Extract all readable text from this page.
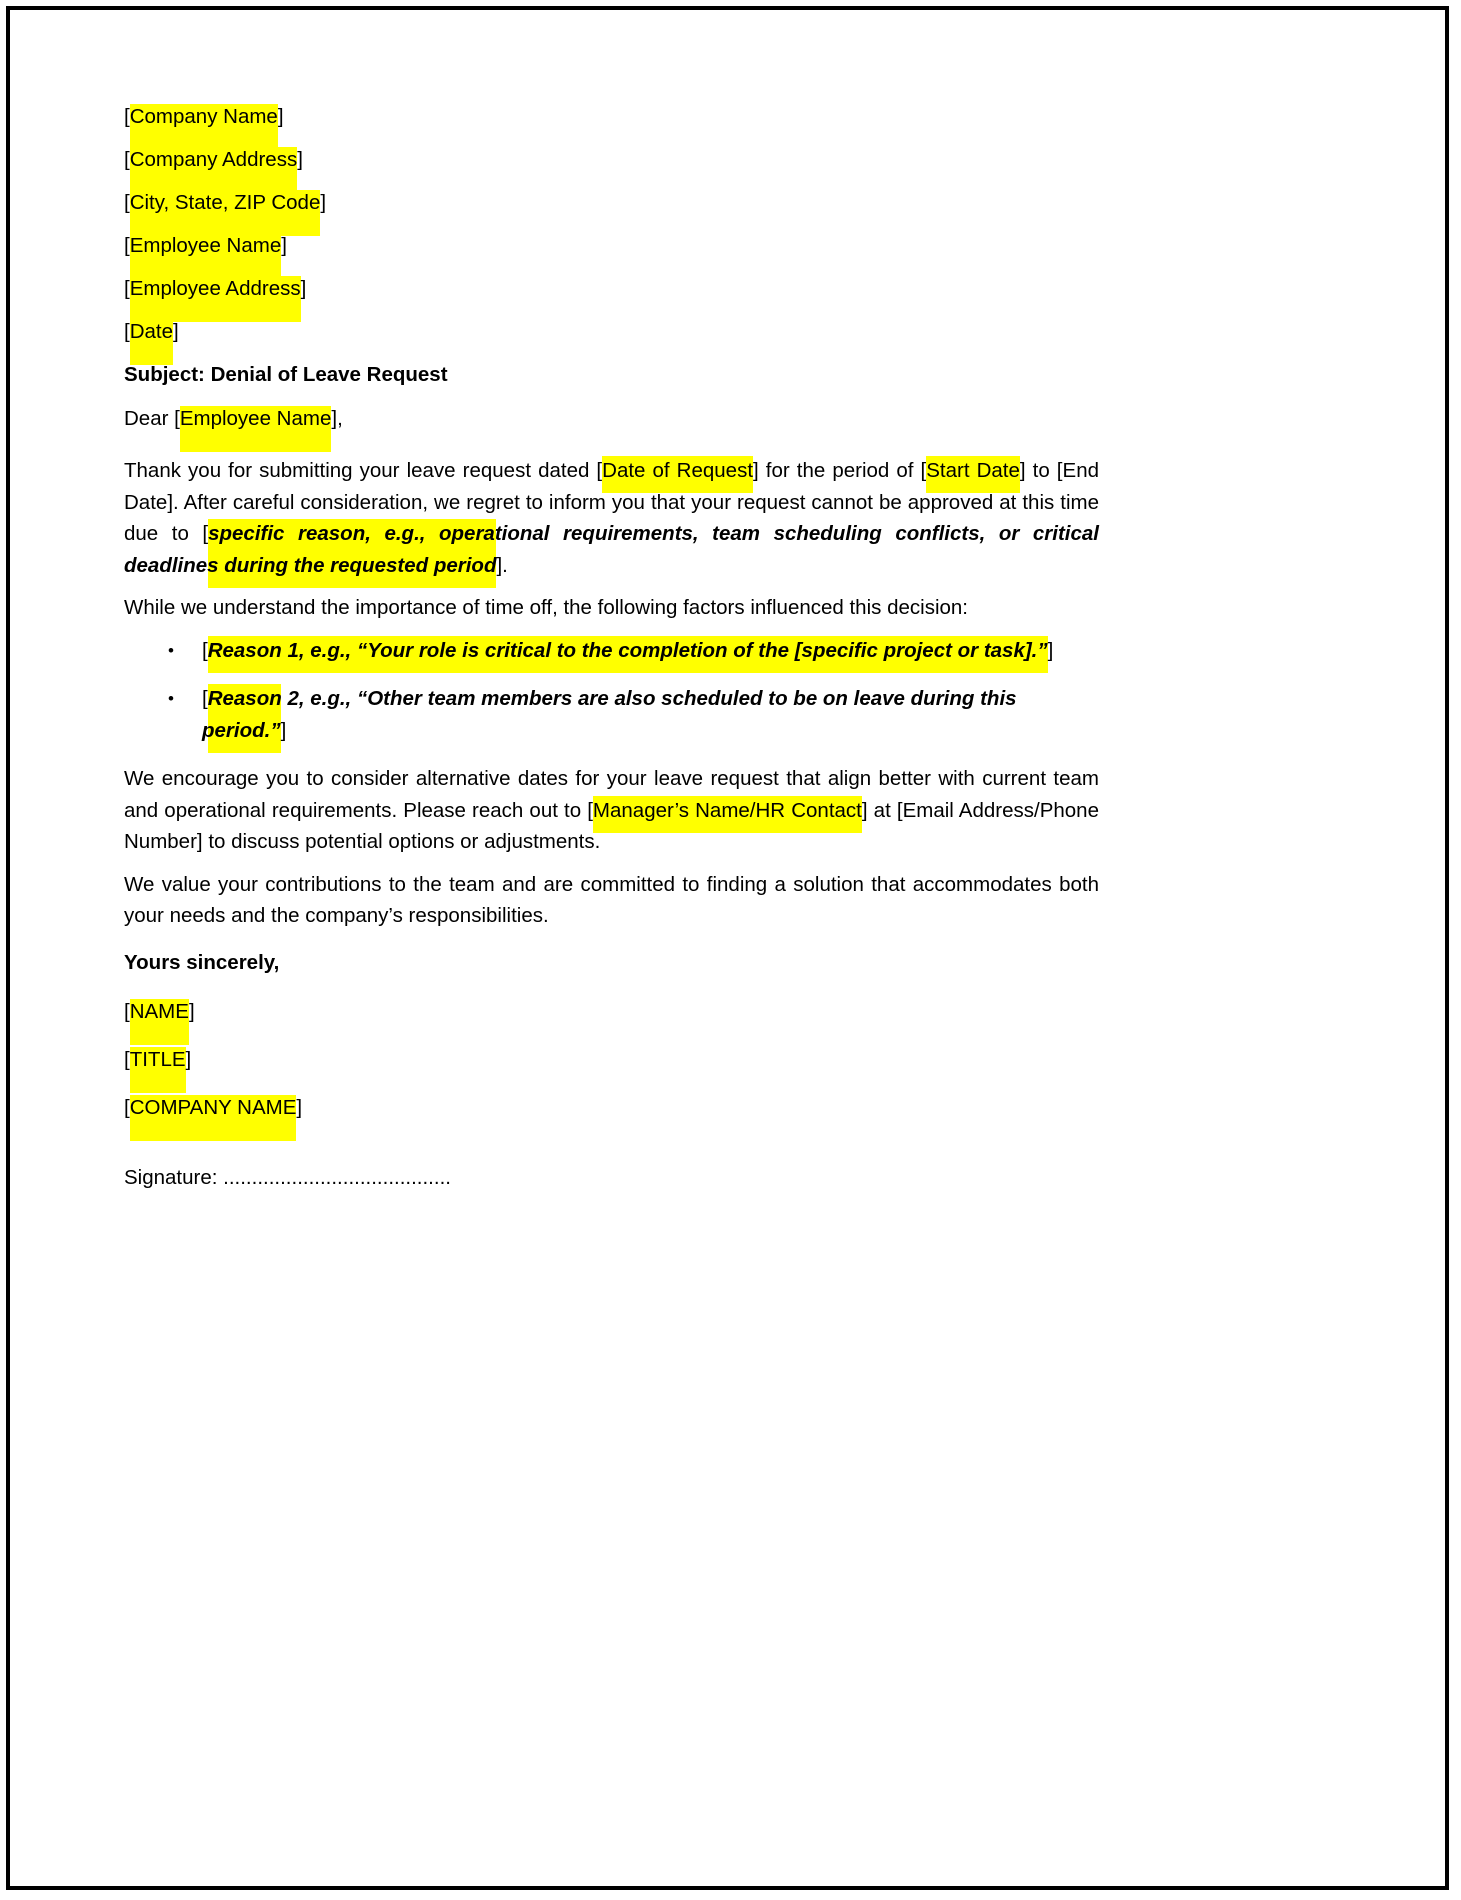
[Company Name]

[Company Address]

[City, State, ZIP Code]

[Employee Name]

[Employee Address]

[Date]

Subject: Denial of Leave Request

Dear [Employee Name],

Thank you for submitting your leave request dated [Date of Request] for the period of [Start Date] to [End Date]. After careful consideration, we regret to inform you that your request cannot be approved at this time due to [specific reason, e.g., operational requirements, team scheduling conflicts, or critical deadlines during the requested period].

While we understand the importance of time off, the following factors influenced this decision:

• [Reason 1, e.g., “Your role is critical to the completion of the [specific project or task].”]
• [Reason 2, e.g., “Other team members are also scheduled to be on leave during this period.”]

We encourage you to consider alternative dates for your leave request that align better with current team and operational requirements. Please reach out to [Manager’s Name/HR Contact] at [Email Address/Phone Number] to discuss potential options or adjustments.

We value your contributions to the team and are committed to finding a solution that accommodates both your needs and the company’s responsibilities.

Yours sincerely,

[NAME]

[TITLE]

[COMPANY NAME]

Signature: ........................................
